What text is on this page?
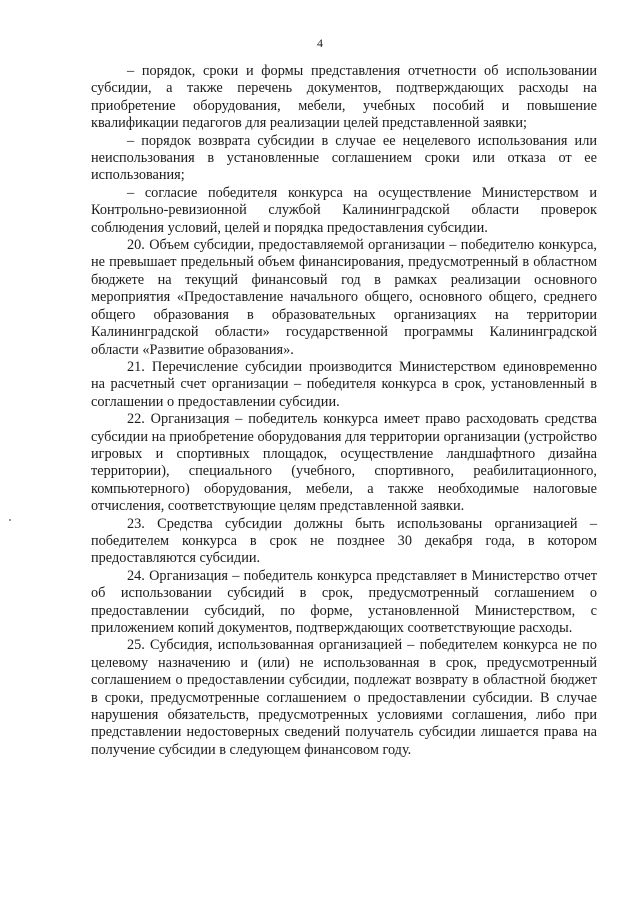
4

– порядок, сроки и формы представления отчетности об использовании субсидии, а также перечень документов, подтверждающих расходы на приобретение оборудования, мебели, учебных пособий и повышение квалификации педагогов для реализации целей представленной заявки;

– порядок возврата субсидии в случае ее нецелевого использования или неиспользования в установленные соглашением сроки или отказа от ее использования;

– согласие победителя конкурса на осуществление Министерством и Контрольно-ревизионной службой Калининградской области проверок соблюдения условий, целей и порядка предоставления субсидии.

20. Объем субсидии, предоставляемой организации – победителю конкурса, не превышает предельный объем финансирования, предусмотренный в областном бюджете на текущий финансовый год в рамках реализации основного мероприятия «Предоставление начального общего, основного общего, среднего общего образования в образовательных организациях на территории Калининградской области» государственной программы Калининградской области «Развитие образования».

21. Перечисление субсидии производится Министерством единовременно на расчетный счет организации – победителя конкурса в срок, установленный в соглашении о предоставлении субсидии.

22. Организация – победитель конкурса имеет право расходовать средства субсидии на приобретение оборудования для территории организации (устройство игровых и спортивных площадок, осуществление ландшафтного дизайна территории), специального (учебного, спортивного, реабилитационного, компьютерного) оборудования, мебели, а также необходимые налоговые отчисления, соответствующие целям представленной заявки.

23. Средства субсидии должны быть использованы организацией – победителем конкурса в срок не позднее 30 декабря года, в котором предоставляются субсидии.

24. Организация – победитель конкурса представляет в Министерство отчет об использовании субсидий в срок, предусмотренный соглашением о предоставлении субсидий, по форме, установленной Министерством, с приложением копий документов, подтверждающих соответствующие расходы.

25. Субсидия, использованная организацией – победителем конкурса не по целевому назначению и (или) не использованная в срок, предусмотренный соглашением о предоставлении субсидии, подлежат возврату в областной бюджет в сроки, предусмотренные соглашением о предоставлении субсидии. В случае нарушения обязательств, предусмотренных условиями соглашения, либо при представлении недостоверных сведений получатель субсидии лишается права на получение субсидии в следующем финансовом году.
